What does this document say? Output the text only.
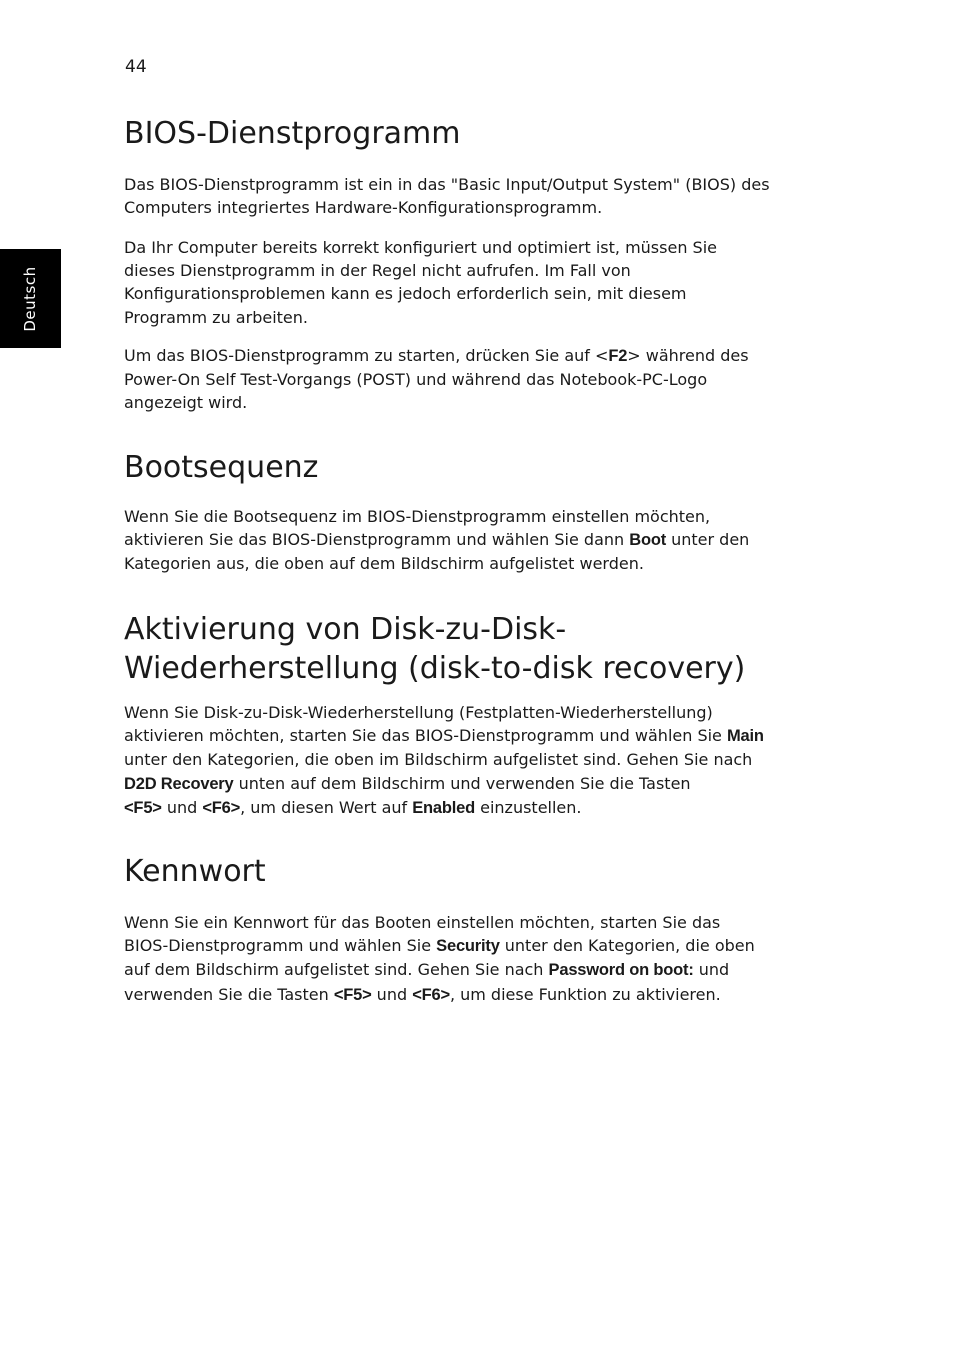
44
Deutsch
BIOS-Dienstprogramm

Das BIOS-Dienstprogramm ist ein in das "Basic Input/Output System" (BIOS) des
Computers integriertes Hardware-Konfigurationsprogramm.

Da Ihr Computer bereits korrekt konfiguriert und optimiert ist, müssen Sie
dieses Dienstprogramm in der Regel nicht aufrufen. Im Fall von
Konfigurationsproblemen kann es jedoch erforderlich sein, mit diesem
Programm zu arbeiten.

Um das BIOS-Dienstprogramm zu starten, drücken Sie auf <F2> während des
Power-On Self Test-Vorgangs (POST) und während das Notebook-PC-Logo
angezeigt wird.

Bootsequenz

Wenn Sie die Bootsequenz im BIOS-Dienstprogramm einstellen möchten,
aktivieren Sie das BIOS-Dienstprogramm und wählen Sie dann Boot unter den
Kategorien aus, die oben auf dem Bildschirm aufgelistet werden.

Aktivierung von Disk-zu-Disk-
Wiederherstellung (disk-to-disk recovery)

Wenn Sie Disk-zu-Disk-Wiederherstellung (Festplatten-Wiederherstellung)
aktivieren möchten, starten Sie das BIOS-Dienstprogramm und wählen Sie Main
unter den Kategorien, die oben im Bildschirm aufgelistet sind. Gehen Sie nach
D2D Recovery unten auf dem Bildschirm und verwenden Sie die Tasten
<F5> und <F6>, um diesen Wert auf Enabled einzustellen.

Kennwort

Wenn Sie ein Kennwort für das Booten einstellen möchten, starten Sie das
BIOS-Dienstprogramm und wählen Sie Security unter den Kategorien, die oben
auf dem Bildschirm aufgelistet sind. Gehen Sie nach Password on boot: und
verwenden Sie die Tasten <F5> und <F6>, um diese Funktion zu aktivieren.
